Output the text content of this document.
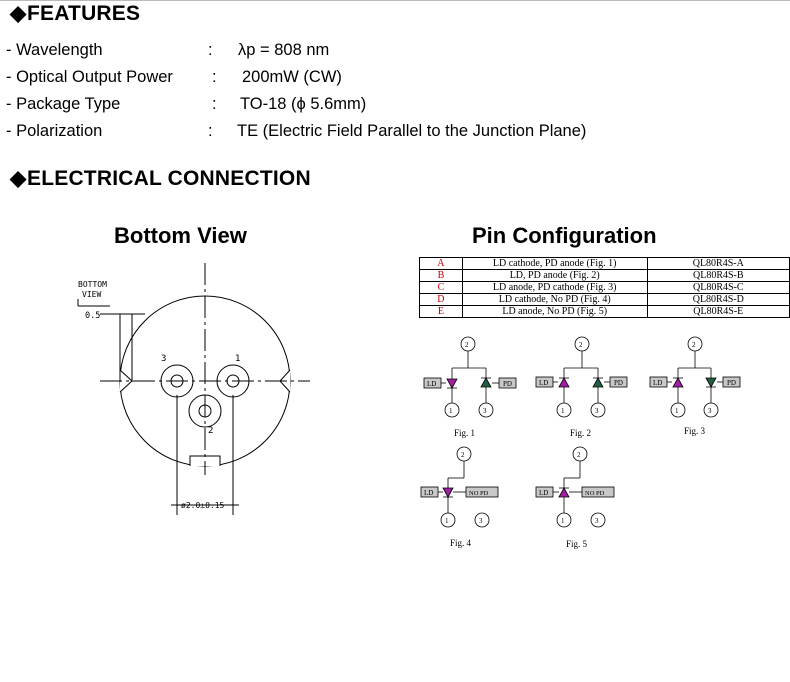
◆FEATURES
- Wavelength	: λp = 808 nm
- Optical Output Power : 200mW (CW)
- Package Type	: TO-18 (ϕ 5.6mm)
- Polarization	: TE (Electric Field Parallel to the Junction Plane)
◆ELECTRICAL CONNECTION
Bottom View	Pin Configuration
A	LD cathode, PD anode (Fig. 1)	QL80R4S-A
B	LD, PD anode (Fig. 2)	QL80R4S-B
C	LD anode, PD cathode (Fig. 3)	QL80R4S-C
D	LD cathode, No PD (Fig. 4)	QL80R4S-D
E	LD anode, No PD (Fig. 5)	QL80R4S-E
BOTTOM
VIEW
0.5
3	1
2
ø2.0±0.15
2
1	3
LD	PD
Fig. 1
2
1	3
LD	PD
Fig. 2
2
1	3
LD	PD
Fig. 3
2
1	3
LD	NO PD
Fig. 4
2
1	3
LD	NO PD
Fig. 5
